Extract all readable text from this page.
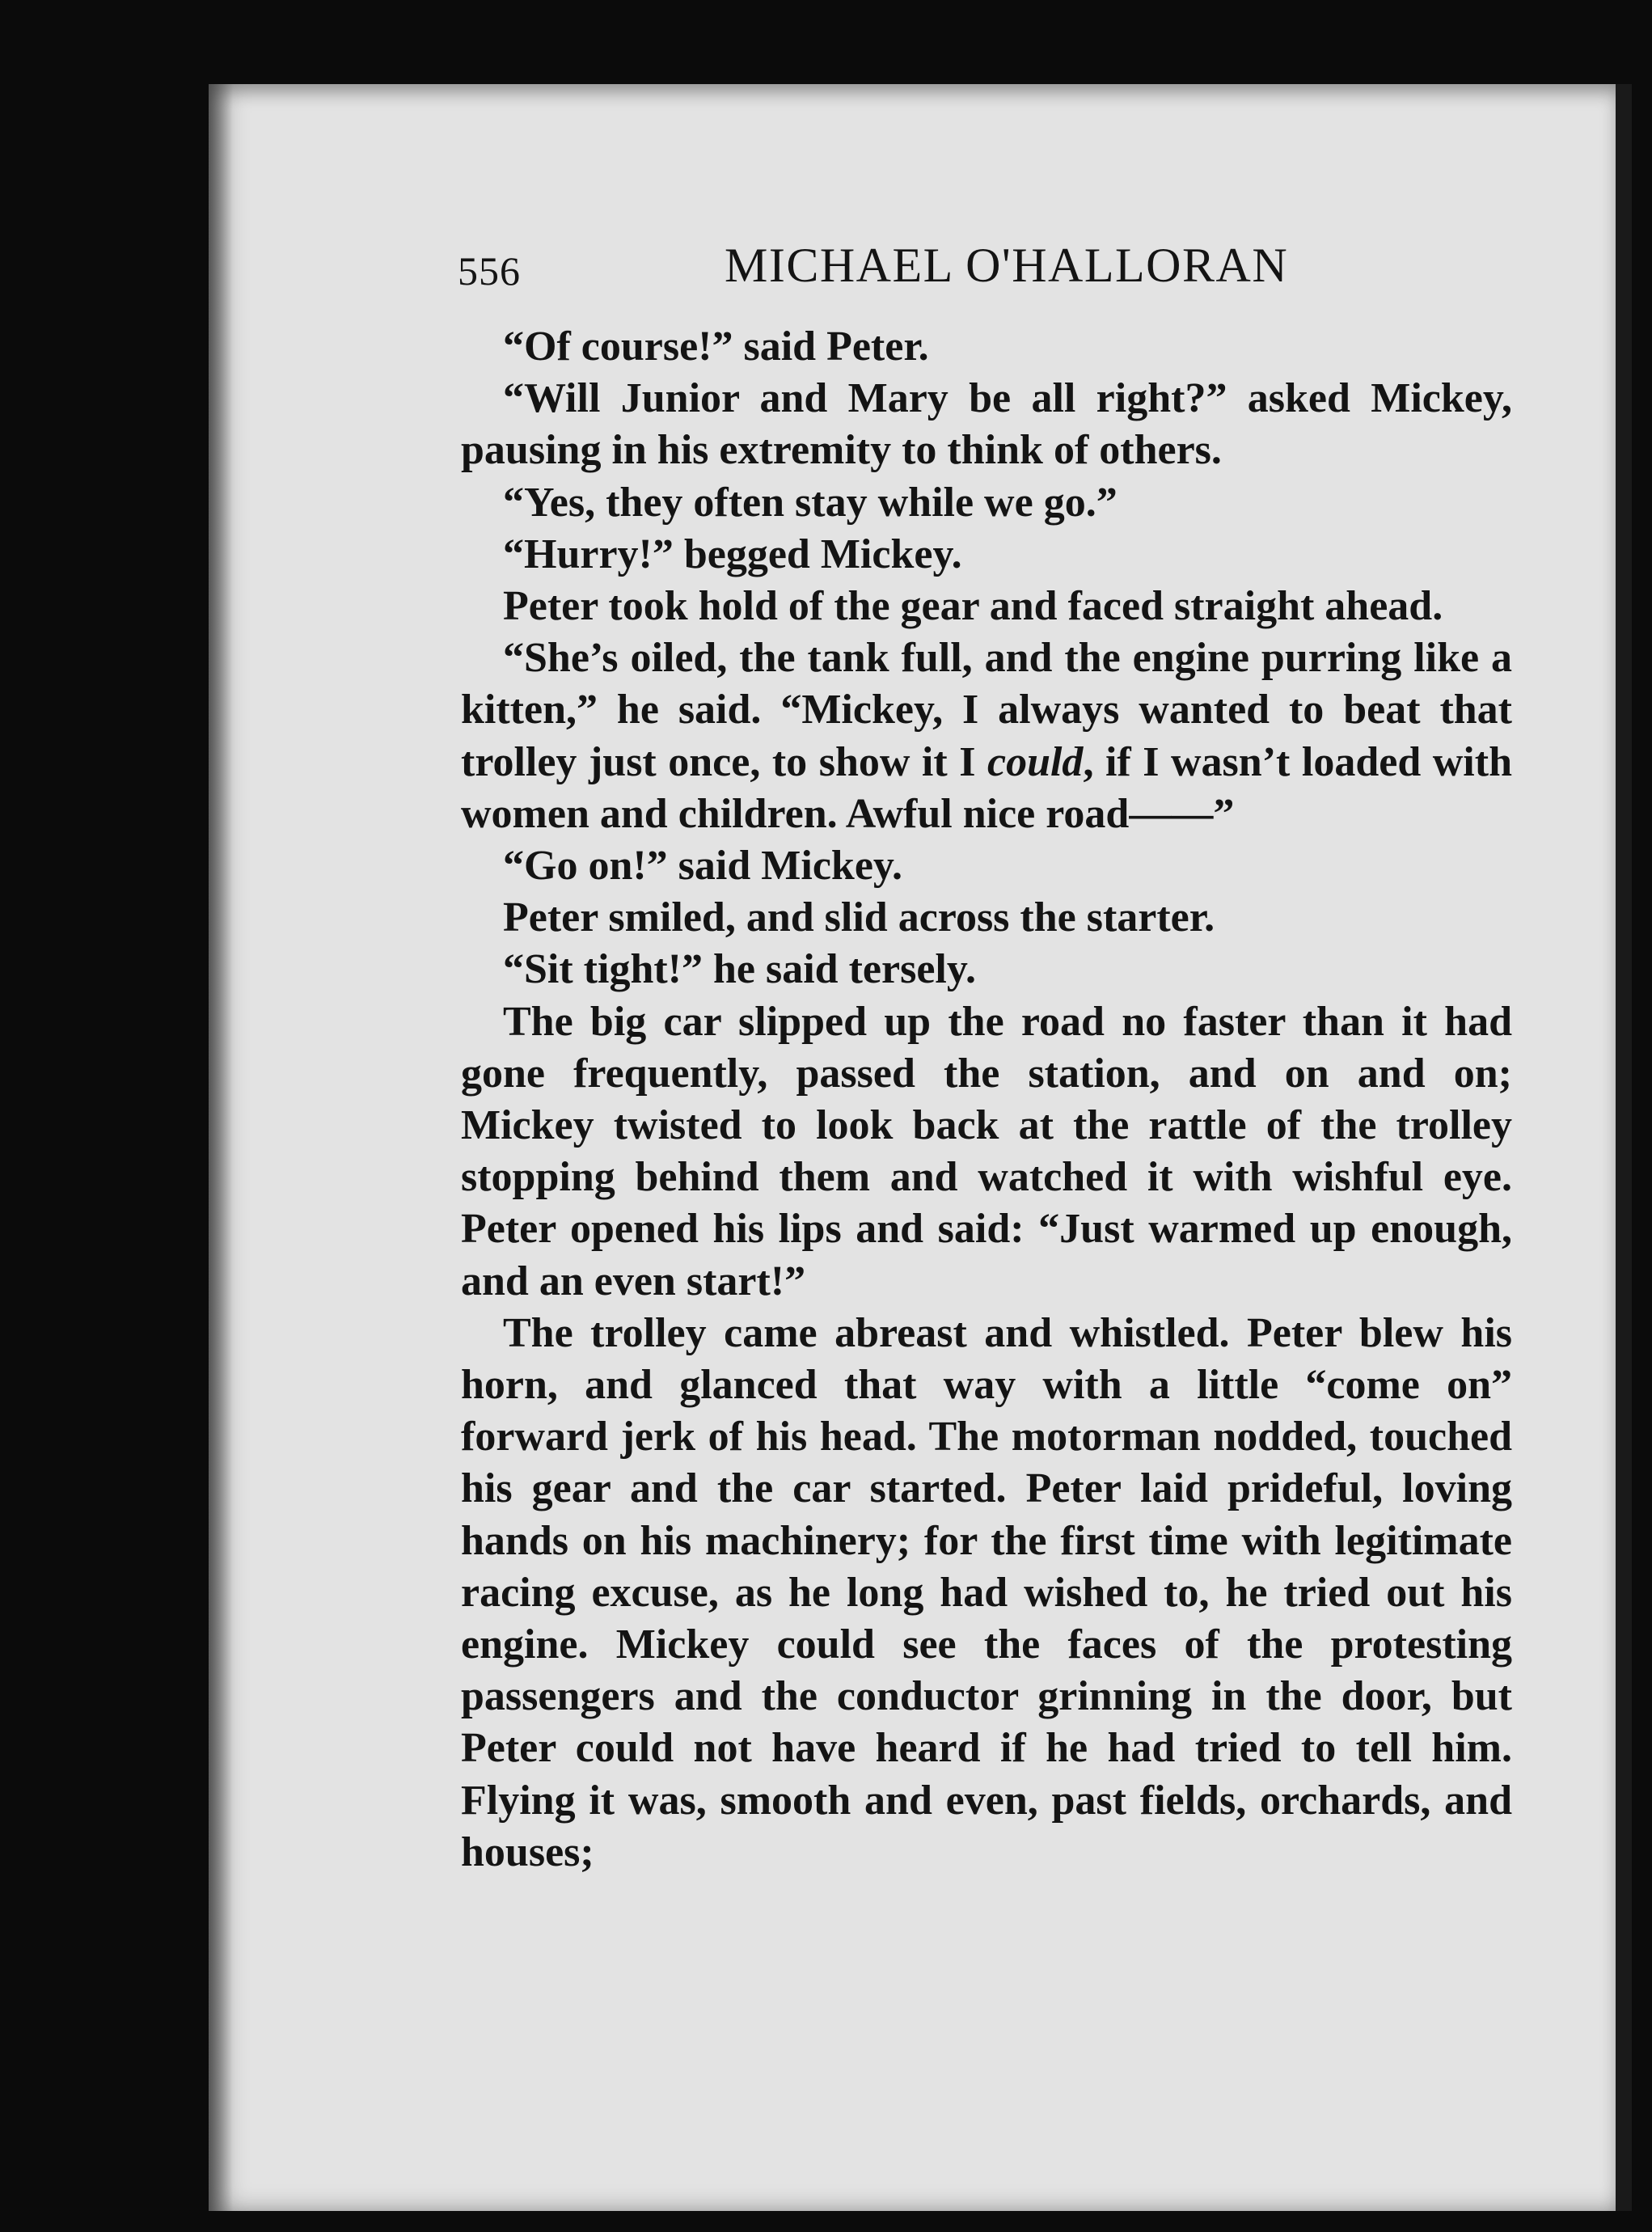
556	MICHAEL O'HALLORAN

“Of course!” said Peter.

“Will Junior and Mary be all right?” asked Mickey, pausing in his extremity to think of others.

“Yes, they often stay while we go.”

“Hurry!” begged Mickey.

Peter took hold of the gear and faced straight ahead.

“She’s oiled, the tank full, and the engine purring like a kitten,” he said. “Mickey, I always wanted to beat that trolley just once, to show it I could, if I wasn’t loaded with women and children. Awful nice road——”

“Go on!” said Mickey.

Peter smiled, and slid across the starter.

“Sit tight!” he said tersely.

The big car slipped up the road no faster than it had gone frequently, passed the station, and on and on; Mickey twisted to look back at the rattle of the trolley stopping behind them and watched it with wishful eye. Peter opened his lips and said: “Just warmed up enough, and an even start!”

The trolley came abreast and whistled. Peter blew his horn, and glanced that way with a little “come on” forward jerk of his head. The motorman nodded, touched his gear and the car started. Peter laid prideful, loving hands on his machinery; for the first time with legitimate racing excuse, as he long had wished to, he tried out his engine. Mickey could see the faces of the protesting passengers and the conductor grinning in the door, but Peter could not have heard if he had tried to tell him. Flying it was, smooth and even, past fields, orchards, and houses;
